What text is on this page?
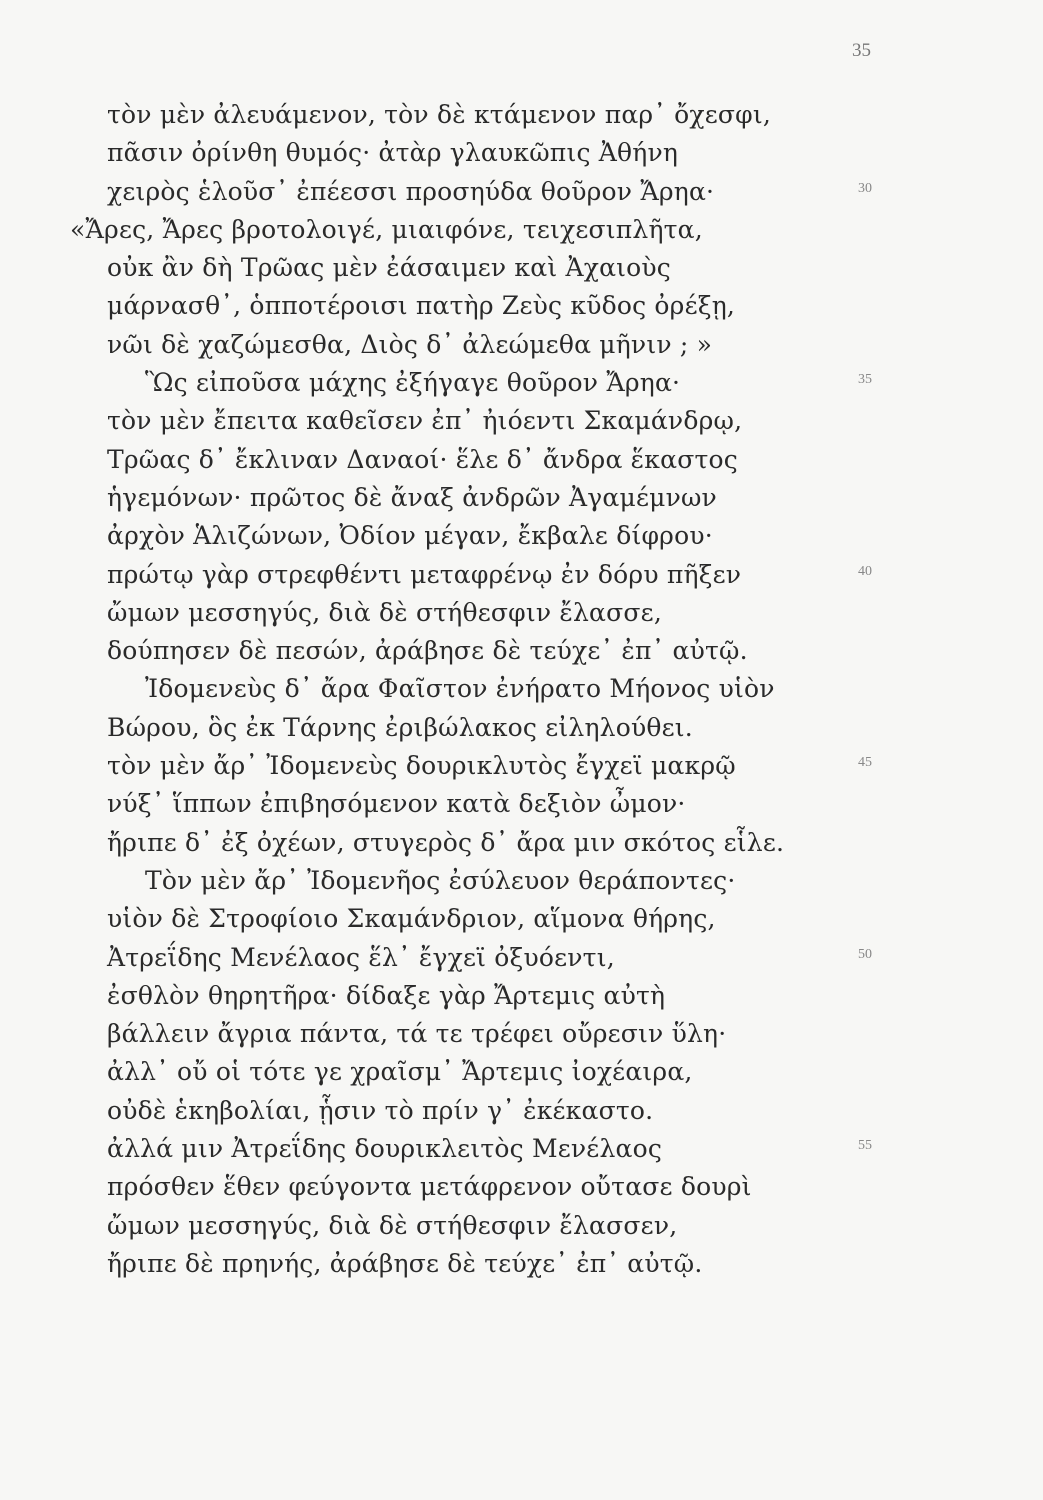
35
τὸν μὲν ἀλευάμενον, τὸν δὲ κτάμενον παρ᾽ ὄχεσφι,
πᾶσιν ὀρίνθη θυμός· ἀτὰρ γλαυκῶπις Ἀθήνη
χειρὸς ἑλοῦσ᾽ ἐπέεσσι προσηύδα θοῦρον Ἄρηα·	30
«Ἄρες, Ἄρες βροτολοιγέ, μιαιφόνε, τειχεσιπλῆτα,
οὐκ ἂν δὴ Τρῶας μὲν ἐάσαιμεν καὶ Ἀχαιοὺς
μάρνασθ᾽, ὁπποτέροισι πατὴρ Ζεὺς κῦδος ὀρέξῃ,
νῶι δὲ χαζώμεσθα, Διὸς δ᾽ ἀλεώμεθα μῆνιν ; »
Ὣς εἰποῦσα μάχης ἐξήγαγε θοῦρον Ἄρηα·	35
τὸν μὲν ἔπειτα καθεῖσεν ἐπ᾽ ἠιόεντι Σκαμάνδρῳ,
Τρῶας δ᾽ ἔκλιναν Δαναοί· ἕλε δ᾽ ἄνδρα ἕκαστος
ἡγεμόνων· πρῶτος δὲ ἄναξ ἀνδρῶν Ἀγαμέμνων
ἀρχὸν Ἁλιζώνων, Ὀδίον μέγαν, ἔκβαλε δίφρου·
πρώτῳ γὰρ στρεφθέντι μεταφρένῳ ἐν δόρυ πῆξεν	40
ὤμων μεσσηγύς, διὰ δὲ στήθεσφιν ἔλασσε,
δούπησεν δὲ πεσών, ἀράβησε δὲ τεύχε᾽ ἐπ᾽ αὐτῷ.
Ἰδομενεὺς δ᾽ ἄρα Φαῖστον ἐνήρατο Μήονος υἱὸν
Βώρου, ὃς ἐκ Τάρνης ἐριβώλακος εἰληλούθει.
τὸν μὲν ἄρ᾽ Ἰδομενεὺς δουρικλυτὸς ἔγχεϊ μακρῷ	45
νύξ᾽ ἵππων ἐπιβησόμενον κατὰ δεξιὸν ὦμον·
ἤριπε δ᾽ ἐξ ὀχέων, στυγερὸς δ᾽ ἄρα μιν σκότος εἷλε.
Τὸν μὲν ἄρ᾽ Ἰδομενῆος ἐσύλευον θεράποντες·
υἱὸν δὲ Στροφίοιο Σκαμάνδριον, αἵμονα θήρης,
Ἀτρεΐδης Μενέλαος ἕλ᾽ ἔγχεϊ ὀξυόεντι,	50
ἐσθλὸν θηρητῆρα· δίδαξε γὰρ Ἄρτεμις αὐτὴ
βάλλειν ἄγρια πάντα, τά τε τρέφει οὔρεσιν ὕλη·
ἀλλ᾽ οὔ οἱ τότε γε χραῖσμ᾽ Ἄρτεμις ἰοχέαιρα,
οὐδὲ ἑκηβολίαι, ᾗσιν τὸ πρίν γ᾽ ἐκέκαστο.
ἀλλά μιν Ἀτρεΐδης δουρικλειτὸς Μενέλαος	55
πρόσθεν ἕθεν φεύγοντα μετάφρενον οὔτασε δουρὶ
ὤμων μεσσηγύς, διὰ δὲ στήθεσφιν ἔλασσεν,
ἤριπε δὲ πρηνής, ἀράβησε δὲ τεύχε᾽ ἐπ᾽ αὐτῷ.
